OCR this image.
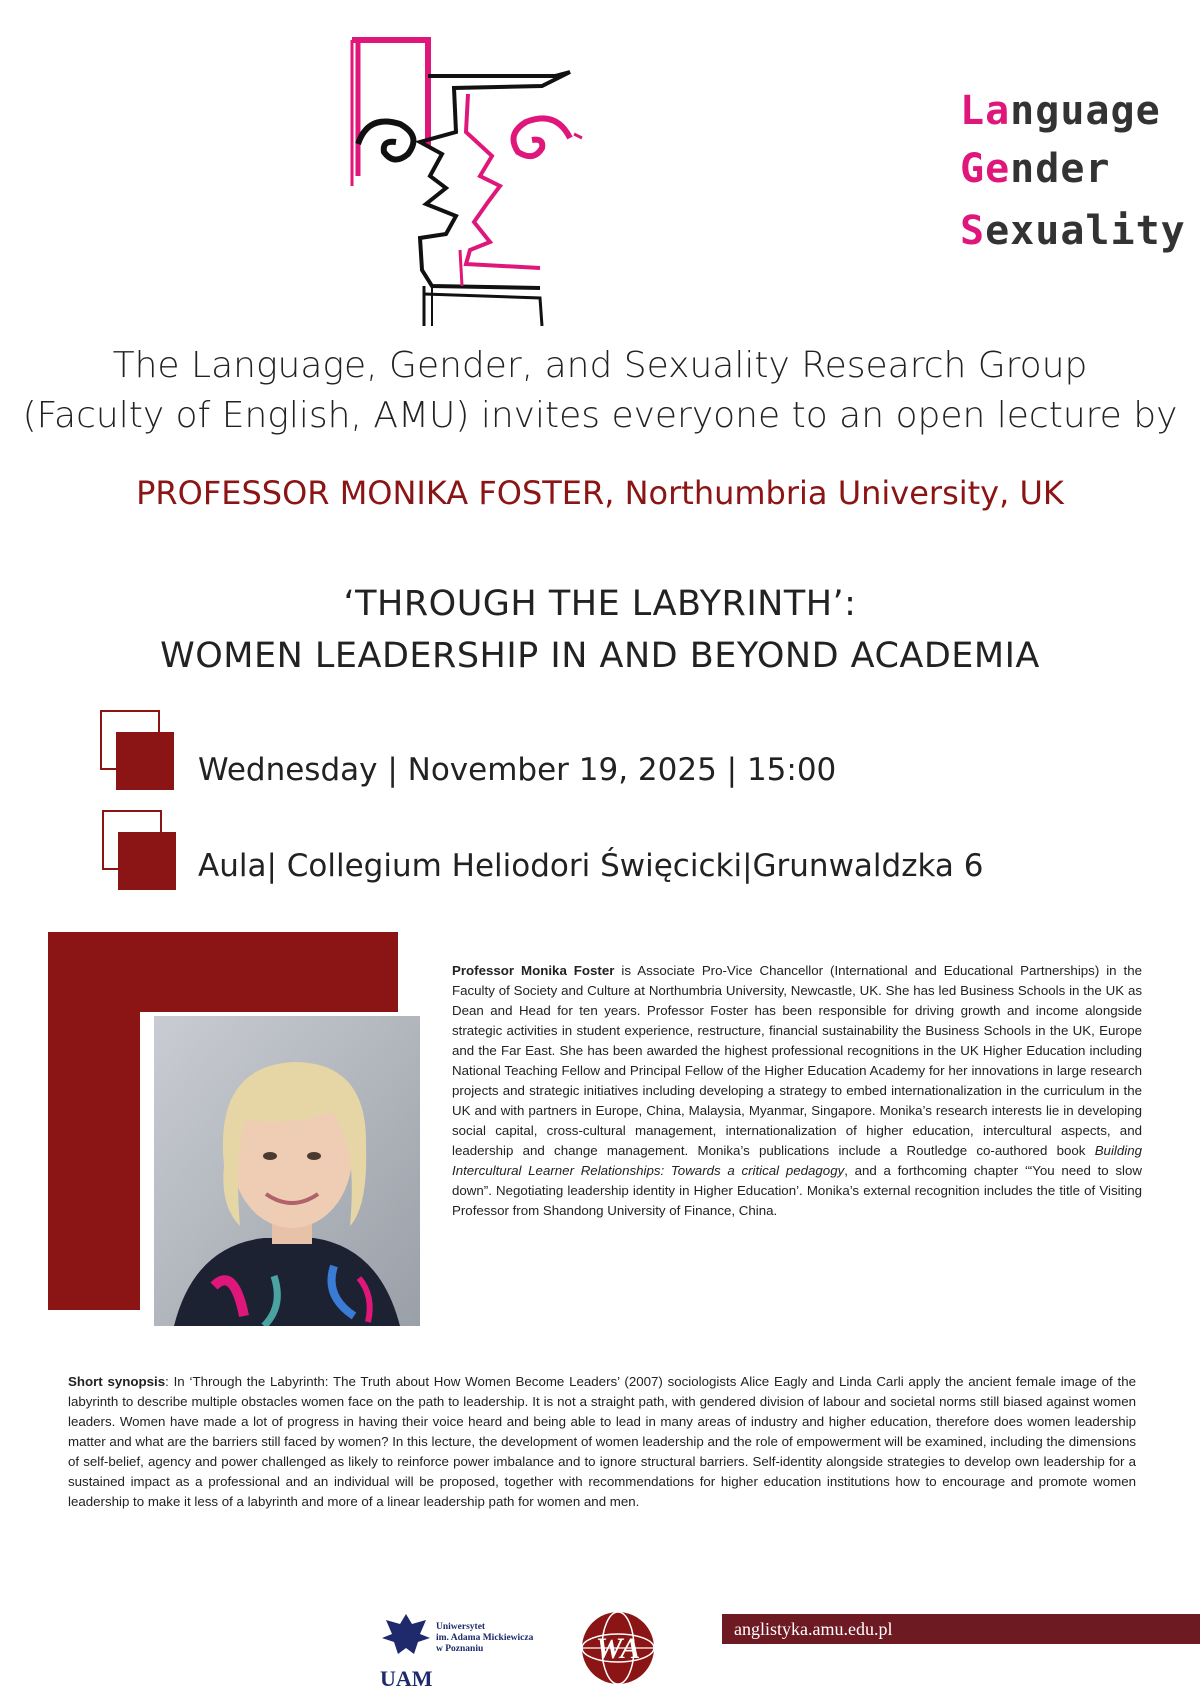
Language
Gender
Sexuality
The Language, Gender, and Sexuality Research Group
(Faculty of English, AMU) invites everyone to an open lecture by
PROFESSOR MONIKA FOSTER, Northumbria University, UK
‘THROUGH THE LABYRINTH’:
WOMEN LEADERSHIP IN AND BEYOND ACADEMIA
Wednesday | November 19, 2025 | 15:00
Aula| Collegium Heliodori Święcicki|Grunwaldzka 6
Professor Monika Foster is Associate Pro-Vice Chancellor (International and Educational Partnerships) in the Faculty of Society and Culture at Northumbria University, Newcastle, UK. She has led Business Schools in the UK as Dean and Head for ten years. Professor Foster has been responsible for driving growth and income alongside strategic activities in student experience, restructure, financial sustainability the Business Schools in the UK, Europe and the Far East. She has been awarded the highest professional recognitions in the UK Higher Education including National Teaching Fellow and Principal Fellow of the Higher Education Academy for her innovations in large research projects and strategic initiatives including developing a strategy to embed internationalization in the curriculum in the UK and with partners in Europe, China, Malaysia, Myanmar, Singapore. Monika’s research interests lie in developing social capital, cross-cultural management, internationalization of higher education, intercultural aspects, and leadership and change management. Monika’s publications include a Routledge co-authored book Building Intercultural Learner Relationships: Towards a critical pedagogy, and a forthcoming chapter ‘“You need to slow down”. Negotiating leadership identity in Higher Education’. Monika’s external recognition includes the title of Visiting Professor from Shandong University of Finance, China.
Short synopsis: In ‘Through the Labyrinth: The Truth about How Women Become Leaders’ (2007) sociologists Alice Eagly and Linda Carli apply the ancient female image of the labyrinth to describe multiple obstacles women face on the path to leadership. It is not a straight path, with gendered division of labour and societal norms still biased against women leaders. Women have made a lot of progress in having their voice heard and being able to lead in many areas of industry and higher education, therefore does women leadership matter and what are the barriers still faced by women? In this lecture, the development of women leadership and the role of empowerment will be examined, including the dimensions of self-belief, agency and power challenged as likely to reinforce power imbalance and to ignore structural barriers. Self-identity alongside strategies to develop own leadership for a sustained impact as a professional and an individual will be proposed, together with recommendations for higher education institutions how to encourage and promote women leadership to make it less of a labyrinth and more of a linear leadership path for women and men.
Uniwersytet
im. Adama Mickiewicza
w Poznaniu
UAM
WA
anglistyka.amu.edu.pl
